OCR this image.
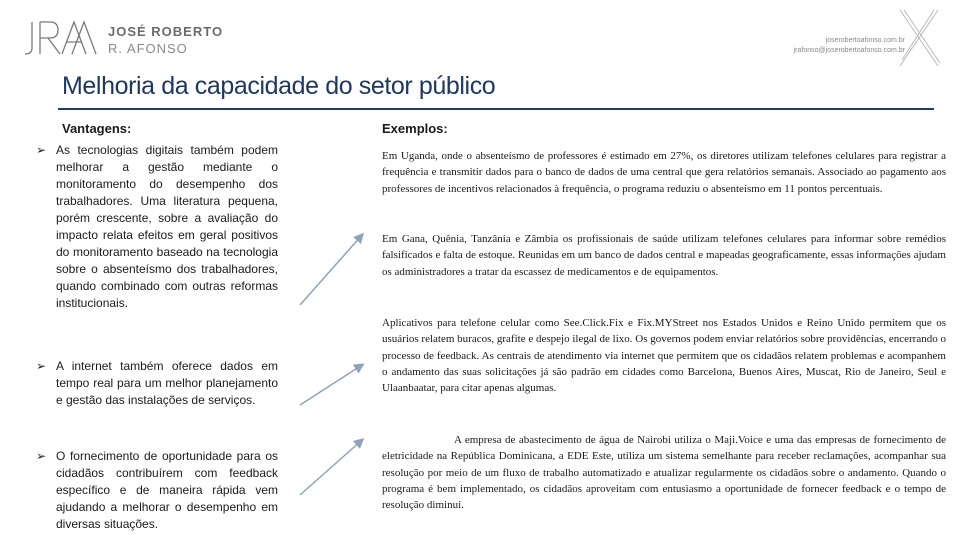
JOSÉ ROBERTO
R. AFONSO
joserobertoafonso.com.br
jrafonso@joserobertoafonso.com.br
Melhoria da capacidade do setor público
Vantagens:	Exemplos:
➢ As tecnologias digitais também podem melhorar a gestão mediante o monitoramento do desempenho dos trabalhadores. Uma literatura pequena, porém crescente, sobre a avaliação do impacto relata efeitos em geral positivos do monitoramento baseado na tecnologia sobre o absenteísmo dos trabalhadores, quando combinado com outras reformas institucionais.
➢ A internet também oferece dados em tempo real para um melhor planejamento e gestão das instalações de serviços.
➢ O fornecimento de oportunidade para os cidadãos contribuírem com feedback específico e de maneira rápida vem ajudando a melhorar o desempenho em diversas situações.
Em Uganda, onde o absenteísmo de professores é estimado em 27%, os diretores utilizam telefones celulares para registrar a frequência e transmitir dados para o banco de dados de uma central que gera relatórios semanais. Associado ao pagamento aos professores de incentivos relacionados à frequência, o programa reduziu o absenteísmo em 11 pontos percentuais.
Em Gana, Quênia, Tanzânia e Zâmbia os profissionais de saúde utilizam telefones celulares para informar sobre remédios falsificados e falta de estoque. Reunidas em um banco de dados central e mapeadas geograficamente, essas informações ajudam os administradores a tratar da escassez de medicamentos e de equipamentos.
Aplicativos para telefone celular como See.Click.Fix e Fix.MYStreet nos Estados Unidos e Reino Unido permitem que os usuários relatem buracos, grafite e despejo ilegal de lixo. Os governos podem enviar relatórios sobre providências, encerrando o processo de feedback. As centrais de atendimento via internet que permitem que os cidadãos relatem problemas e acompanhem o andamento das suas solicitações já são padrão em cidades como Barcelona, Buenos Aires, Muscat, Rio de Janeiro, Seul e Ulaanbaatar, para citar apenas algumas.
A empresa de abastecimento de água de Nairobi utiliza o Maji.Voice e uma das empresas de fornecimento de eletricidade na República Dominicana, a EDE Este, utiliza um sistema semelhante para receber reclamações, acompanhar sua resolução por meio de um fluxo de trabalho automatizado e atualizar regularmente os cidadãos sobre o andamento. Quando o programa é bem implementado, os cidadãos aproveitam com entusiasmo a oportunidade de fornecer feedback e o tempo de resolução diminui.
